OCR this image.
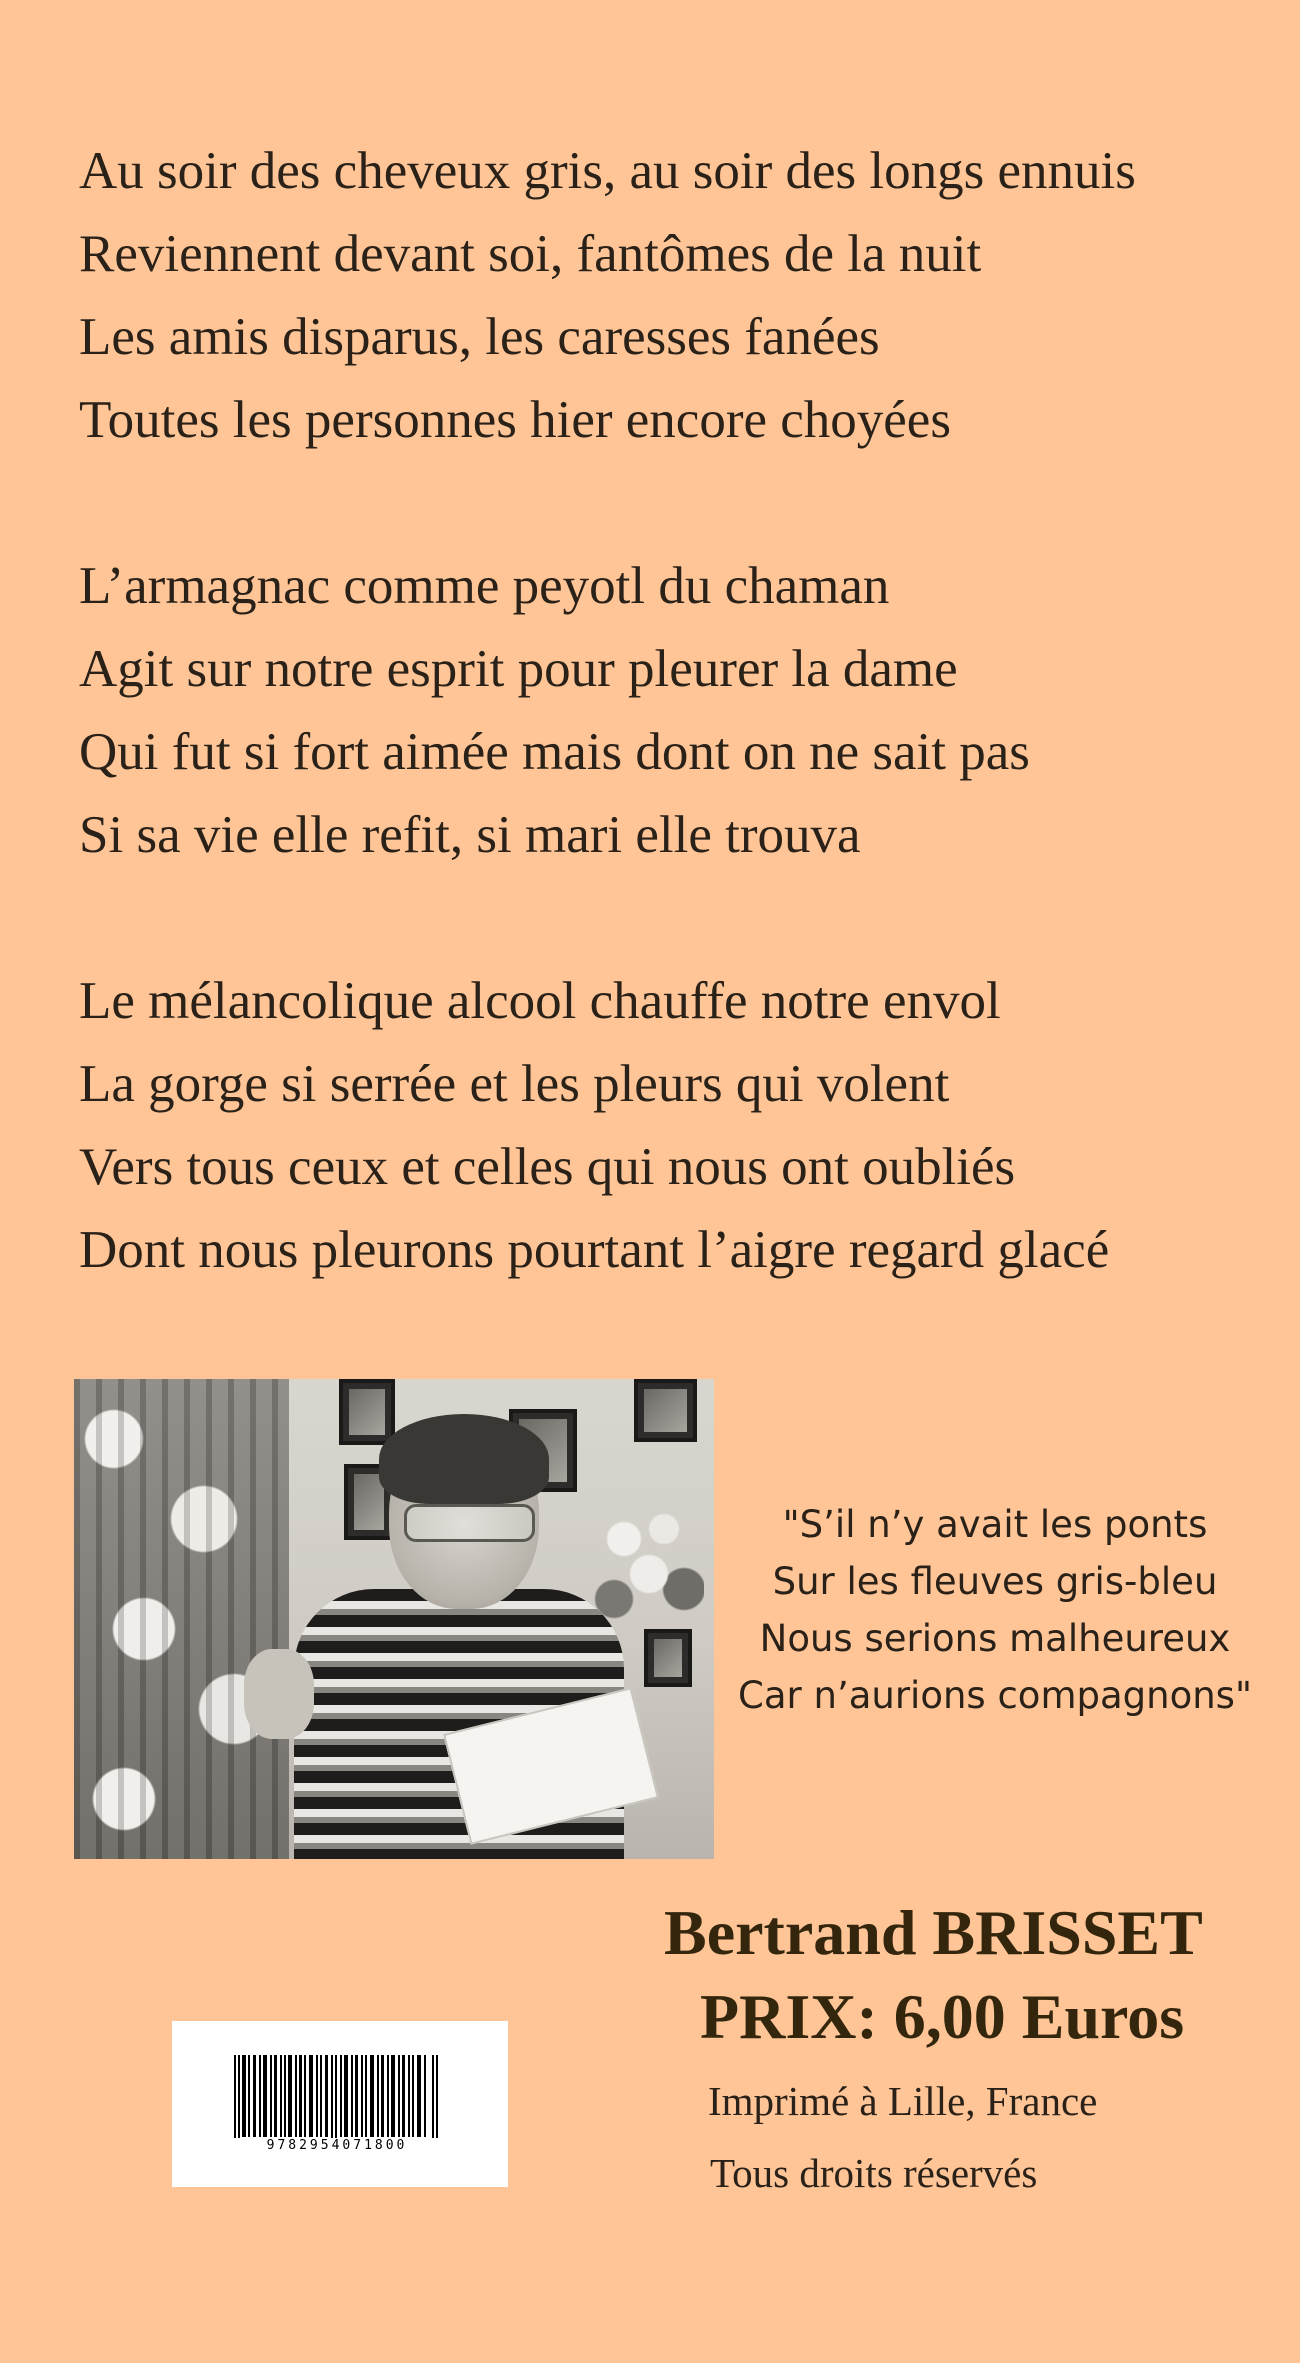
Au soir des cheveux gris, au soir des longs ennuis
Reviennent devant soi, fantômes de la nuit
Les amis disparus, les caresses fanées
Toutes les personnes hier encore choyées
L’armagnac comme peyotl du chaman
Agit sur notre esprit pour pleurer la dame
Qui fut si fort aimée mais dont on ne sait pas
Si sa vie elle refit, si mari elle trouva
Le mélancolique alcool chauffe notre envol
La gorge si serrée et les pleurs qui volent
Vers tous ceux et celles qui nous ont oubliés
Dont nous pleurons pourtant l’aigre regard glacé
"S’il n’y avait les ponts
Sur les fleuves gris-bleu
Nous serions malheureux
Car n’aurions compagnons"
Bertrand BRISSET
PRIX: 6,00 Euros
Imprimé à Lille, France
Tous droits réservés
9782954071800
